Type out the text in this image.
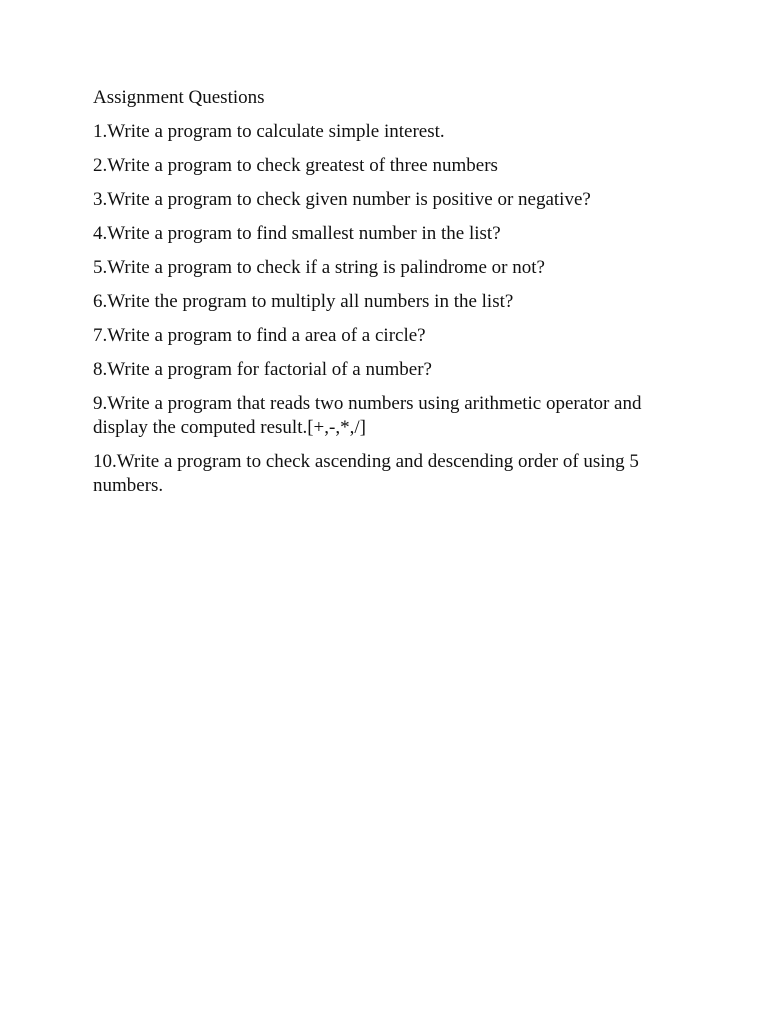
Assignment Questions

1.Write a program to calculate simple interest.

2.Write a program to check greatest of three numbers

3.Write a program to check given number is positive or negative?

4.Write a program to find smallest number in the list?

5.Write a program to check if a string is palindrome or not?

6.Write the program to multiply all numbers in the list?

7.Write a program to find a area of a circle?

8.Write a program for factorial of a number?

9.Write a program that reads two numbers using arithmetic operator and display the computed result.[+,-,*,/]

10.Write a program to check ascending and descending order of using 5 numbers.
